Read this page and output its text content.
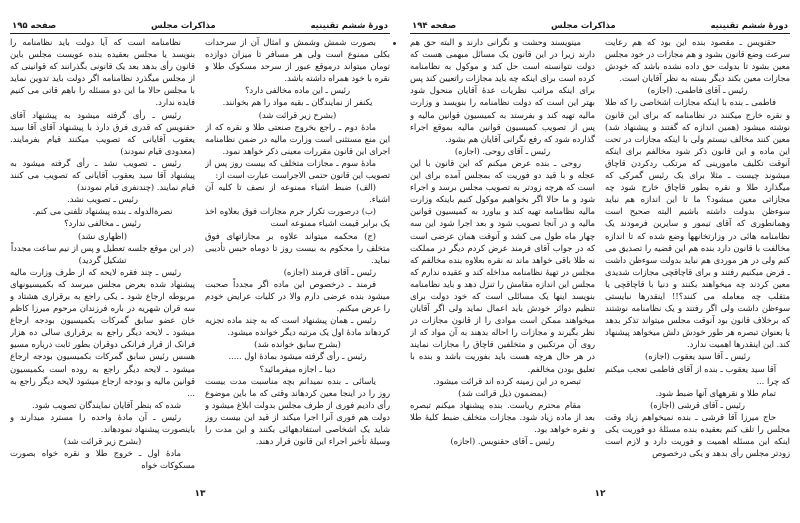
دورهٔ ششم تقنینیه
مذاکرات مجلس
صفحه ۱۹۵

نظامنامه است که آیا دولت باید نظامنامه را بنویسد یا مجلس بعقیده بنده عویست مجلس باین قانون رأی بدهد بعد یک قانونی بگذرانند که قوانینی که از مجلس میگذرد نظامنامه اگر دولت باید تدوین نماید با مجلس حالا ما این دو مسئله را باهم قاتی می کنیم فایده ندارد.

رئیس ـ رأی گرفته میشود به پیشنهاد آقای حقنویس که قدری فرق دارد با پیشنهاد آقای آقا سید یعقوب آقایانی که تصویب میکنند قیام بفرمایند. (معدودی قیام نمودند)

رئیس ـ تصویب نشد ـ رأی گرفته میشود به پیشنهاد آقا سید یعقوب آقایانی که تصویب می کنند قیام نمایند. (چندنفری قیام نمودند)

رئیس ـ تصویب نشد.

نصرةالدوله ـ بنده پیشنهاد تلفنی می کنم.

رئیس ـ مخالفی ندارد؟

(اظهاری نشد)

(در این موقع جلسه تعطیل و پس از نیم ساعت مجدداً تشکیل گردید)

رئیس ـ چند فقره لایحه که از طرف وزارت مالیه پیشنهاد شده بعرض مجلس میرسد که بکمیسیونهای مربوطه ارجاع شود ـ یکی راجع به برقراری هشتاد و سه قران شهریه در باره فرزندان مرحوم میرزا کاظم خان عضو سابق گمرکات بکمیسیون بودجه ارجاع میشود ـ لایحه دیگر راجع به برقراری سالی ده هزار فرانک از قرار فرانکی دوقران بطور ثابت درباره مسیو هسس رئیس سابق گمرکات بکمیسیون بودجه ارجاع میشود ـ لایحه دیگر راجع به روده است بکمیسیون قوانین مالیه و بودجه ارجاع میشود لایحه دیگر راجع به ...

شده که بنظر آقایان نمایندگان تصویب شود.

رئیس ـ آن مادهٔ واحده را مسترد میدارند و باینصورت پیشنهاد نمودهاند.

(بشرح زیر قرائت شد)

مادهٔ اول ـ خروج طلا و نقره خواه بصورت مسکوکات خواه

بصورت شمش وشمش و امثال آن از سرحدات بکلی ممنوع است ولی هر مسافر تا میزان دوازده تومان میتواند درموقع عبور از سرحد مسکوک طلا و نقره با خود همراه داشته باشد.

رئیس ـ این ماده مخالفی دارد؟

یکنفر از نمایندگان ـ بقیه مواد را هم بخوانند.

(بشرح زیر قرائت شد)

مادهٔ دوم ـ راجع بخروج صنعتی طلا و نقره که از این منع مستثنی است وزارت مالیه در ضمن نظامنامه اجرای این قانون مقررات معینی ذکر خواهد نمود.

مادهٔ سوم ـ مجازات متخلف که بیست روز پس از تصویب این قانون حتمی الاجراست عبارت است از:

(الف) ضبط اشیاء ممنوعه از نصف تا کلیه آن اشیاء.

(ب) درصورت تکرار جرم مجازات فوق بعلاوه اخذ یک برابر قیمت اشیاء ممنوعه است

(ج) محکمه میتواند علاوه بر مجازاتهای فوق متخلف را محکوم به بیست روز تا دوماه حبس تأدیبی نماید.

رئیس ـ آقای فرمند (اجازه)

فرمند ـ درخصوص این ماده اگر مجدداً صحبت میشود بنده عرضی دارم والا در کلیات عرایض خودم را عرض میکنم.

رئیس ـ همان پیشنهاد است که به چند ماده تجزیه کردهاند مادهٔ اول یک مرتبه دیگر خوانده میشود.

(بشرح سابق خوانده شد)

رئیس ـ رأی گرفته میشود بمادهٔ اول .....

دیبا ـ اجازه میفرمائید؟

یاسائی ـ بنده نمیدانم بچه مناسبت مدت بیست روز را در اینجا معین کردهاند وقتی که ما باین موضوع رأی دادیم فوری از طرف مجلس بدولت ابلاغ میشود و دولت هم فوری آنرا اجرا میکند از قید این بیست روز شاید یک اشخاصی استفادههائی بکنند و این مدت را وسیلهٔ تأخیر اجراء این قانون قرار دهند.

۱۳
دورهٔ ششم تقنینیه
مذاکرات مجلس
صفحه ۱۹۴

مینویسند وحشت و نگرانی دارند و البته حق هم دارند زیرا در این قانون یک مسائل مبهمی هست که دولت نتوانسته است حل کند و موکول به نظامنامه کرده است برای اینکه چه باید مجازات راتعیین کند پس برای اینکه مراتب نظریات عدهٔ آقایان منحول شود بهتر این است که دولت نظامنامه را بنویسد و وزارت مالیه تهیه کند و بفرستد به کمیسیون قوانین مالیه و پس از تصویب کمیسیون قوانین مالیه بموقع اجراء گذارده شود که رفع نگرانی آقایان هم بشود.

رئیس ـ آقای روحی. (اجازه)

روحی ـ بنده عرض میکنم که این قانون با این عجله و با قید دو فوریت که بمجلس آمده برای این است که هرچه زودتر به تصویب مجلس برسد و اجراء شود و ما حالا اگر بخواهیم موکول کنیم باینکه وزارت مالیه نظامنامه تهیه کند و بیاورد به کمیسیون قوانین مالیه و در آنجا تصویب شود و بعد اجرا شود این سه چهار ماه طول می کشد و آنوقت همان عرضی است که در جواب آقای فرمند عرض کردم دیگر در مملکت نه طلا باقی خواهد ماند نه نقره بعلاوه بنده مخالفم که مجلس در تهیهٔ نظامنامه مداخله کند و عقیده ندارم که مجلس این اندازه مقامش را تنزل دهد و باید نظامنامه بنویسد اینها یک مسائلی است که خود دولت برای تنظیم دوائر خودش باید اعمال نماید ولی اگر آقایان میخواهند ممکن است موادی را از قانون مجازات در نظر بگیرند و مجازات را احاله بدهند به آن مواد که از روی آن مرتکبین و متخلفین قاچاق را مجازات نمایند در هر حال هرچه هست باید بفوریت باشد و بنده با تعلیق بودن مخالفم.

تبصره در این زمینه کرده اند قرائت میشود.

(بمضمون ذیل قرائت شد)

مقام محترم ریاست. بنده پیشنهاد میکنم تبصره بعد از ماده زیاد شود. مجازات متخلف ضبط کلیهٔ طلا و نقره خواهد بود.

رئیس ـ آقای حقنویس. (اجازه)

حقنویس ـ مقصود بنده این بود که هم رعایت سرعت وضع قانون بشود و هم مجازات در خود مجلس معین بشود تا بدولت حق داده نشده باشد که خودش مجازات معین بکند دیگر بسته به نظر آقایان است.

رئیس ـ آقای فاطمی. (اجازه)

فاطمی ـ بنده با اینکه مجازات اشخاصی را که طلا و نقره خارج میکنند در نظامنامه که برای این قانون نوشته میشود (همین اندازه که گفتند و پیشنهاد شد) معین کنند مخالف نیستم ولی با اینکه مجازات در تحت این ماده و این قانون ذکر شود مخالفم برای اینکه آنوقت تکلیف مامورینی که مرتکب ردکردن قاچاق میشوند چیست ـ مثلا برای یک رئیس گمرکی که میگذارد طلا و نقره بطور قاچاق خارج شود چه مجازاتی معین میشود؟ ما تا این اندازه هم نباید سوءظن بدولت داشته باشیم البته صحیح است وهمانطوری که آقای تیمور و سایرین فرمودند یک نظامنامه هائی در وزارتخانهها وضع شده که تا اندازه مخالفت با قانون دارد بنده هم این قضیه را تصدیق می کنم ولی در هر موردی هم نباید بدولت سوءظن داشت ـ فرض میکنیم رفتند و برای قاچاقچی مجازات شدیدی معین کردند چه میخواهند بکنند و دنیا با قاچاقچی یا متقلب چه معامله می کنند؟!! اینقدرها نبایستی سوءظن داشت ولی اگر رفتند و یک نظامنامه نوشتند که برخلاف قانون بود آنوقت مجلس میتواند تذکر بدهد یا بعنوان تبصره هر طور خودش دلش میخواهد پیشنهاد کند. این اینقدرها اهمیت ندارد.

رئیس ـ آقا سید یعقوب (اجازه)

آقا سید یعقوب ـ بنده از آقای فاطمی تعجب میکنم که چرا ...

تمام طلا و نقرههای آنها ضبط شود.

رئیس ـ آقای قرشی (اجازه)

حاج میرزا آقا قرشی ـ بنده نمیخواهم زیاد وقت مجلس را تلف کنم بعقیده بنده مسئلهٔ دو فوریت یکی اینکه این مسئله اهمیت و فوریت دارد و لازم است زودتر مجلس رأی بدهد و یکی درخصوص

۱۲
